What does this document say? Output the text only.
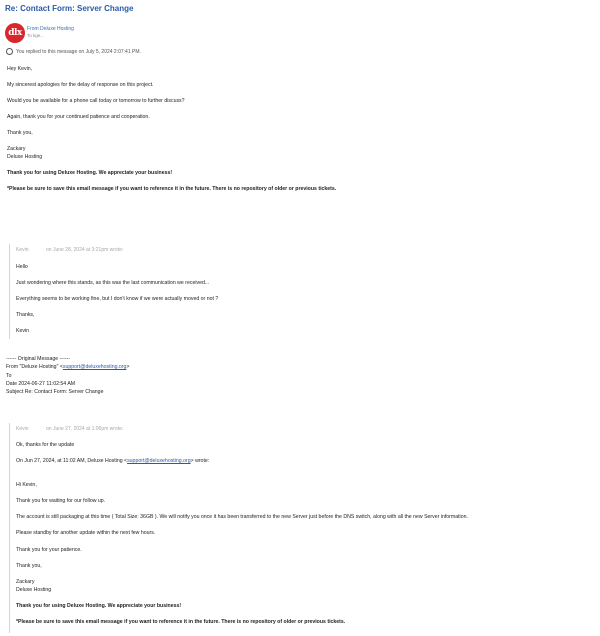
Re: Contact Form: Server Change
dlx	From Deluxe Hosting
To kge...
You replied to this message on July 5, 2024 2:07:41 PM.
Hey Kevin,
My sincerest apologies for the delay of response on this project.
Would you be available for a phone call today or tomorrow to further discuss?
Again, thank you for your continued patience and cooperation.
Thank you,
Zackary
Deluxe Hosting
Thank you for using Deluxe Hosting. We appreciate your business!
*Please be sure to save this email message if you want to reference it in the future. There is no repository of older or previous tickets.
Kevin	on June 28, 2024 at 3:21pm wrote:
Hello
Just wondering where this stands, as this was the last communication we received...
Everything seems to be working fine, but I don't know if we were actually moved or not ?
Thanks,
Kevin
------ Original Message ------
From "Deluxe Hosting" <support@deluxehosting.org>
To
Date 2024-06-27 11:02:54 AM
Subject Re: Contact Form: Server Change
Kevin	on June 27, 2024 at 1:06pm wrote:
Ok, thanks for the update
On Jun 27, 2024, at 11:02 AM, Deluxe Hosting <support@deluxehosting.org> wrote:
Hi Kevin,
Thank you for waiting for our follow up.
The account is still packaging at this time ( Total Size: 36GB ). We will notify you once it has been transferred to the new Server just before the DNS switch, along with all the new Server information.
Please standby for another update within the next few hours.
Thank you for your patience.
Thank you,
Zackary
Deluxe Hosting
Thank you for using Deluxe Hosting. We appreciate your business!
*Please be sure to save this email message if you want to reference it in the future. There is no repository of older or previous tickets.
